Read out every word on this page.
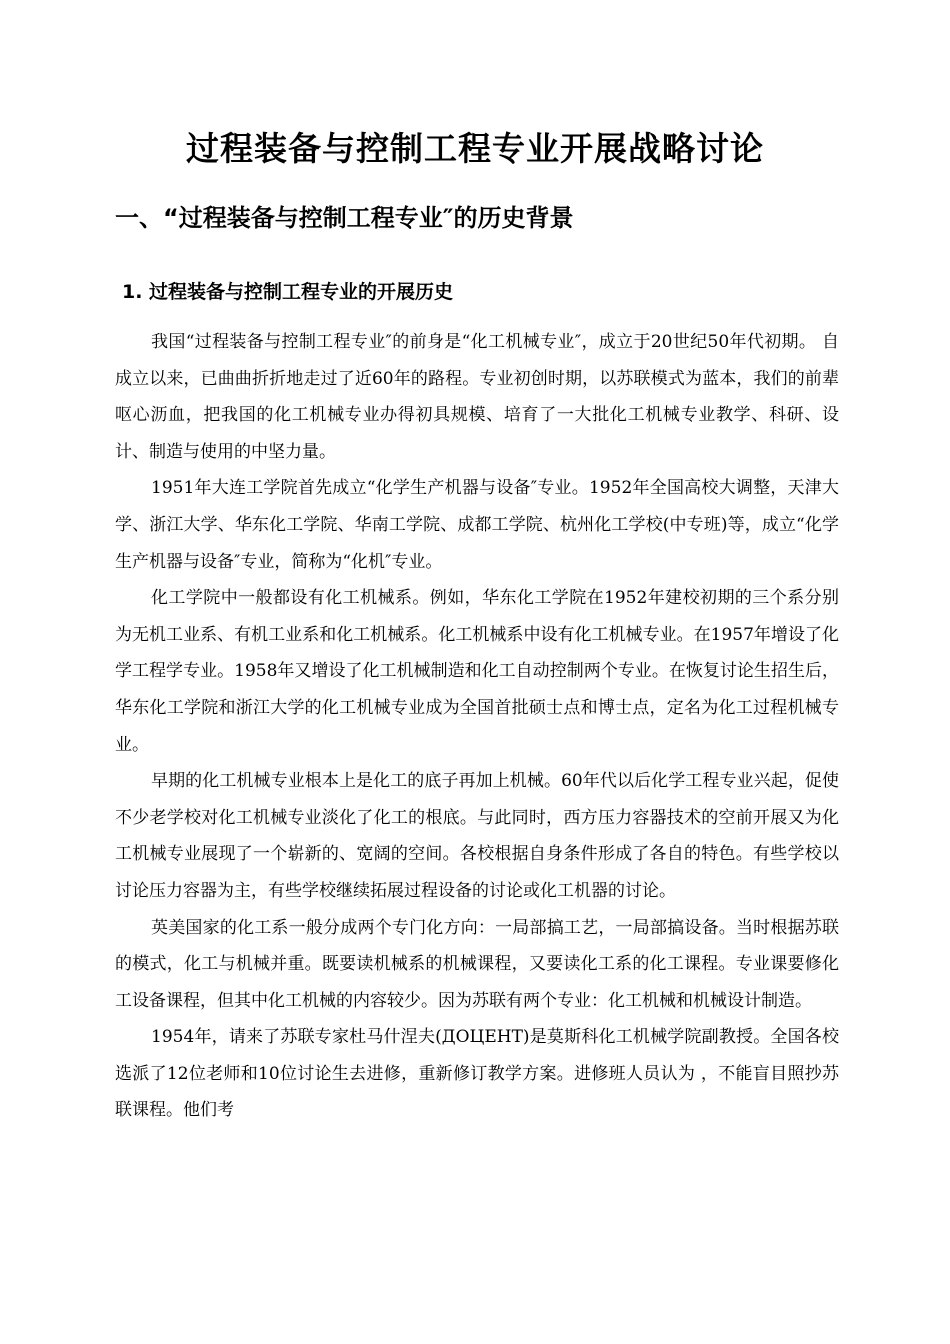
过程装备与控制工程专业开展战略讨论
一、“过程装备与控制工程专业″的历史背景
1. 过程装备与控制工程专业的开展历史

我国“过程装备与控制工程专业″的前身是“化工机械专业″，成立于20世纪50年代初期。 自成立以来，已曲曲折折地走过了近60年的路程。专业初创时期，以苏联模式为蓝本，我们的前辈呕心沥血，把我国的化工机械专业办得初具规模、培育了一大批化工机械专业教学、科研、设计、制造与使用的中坚力量。

1951年大连工学院首先成立“化学生产机器与设备″专业。1952年全国高校大调整，天津大学、浙江大学、华东化工学院、华南工学院、成都工学院、杭州化工学校(中专班)等，成立“化学生产机器与设备″专业，简称为“化机″专业。

化工学院中一般都设有化工机械系。例如，华东化工学院在1952年建校初期的三个系分别为无机工业系、有机工业系和化工机械系。化工机械系中设有化工机械专业。在1957年增设了化学工程学专业。1958年又增设了化工机械制造和化工自动控制两个专业。在恢复讨论生招生后，华东化工学院和浙江大学的化工机械专业成为全国首批硕士点和博士点，定名为化工过程机械专业。

早期的化工机械专业根本上是化工的底子再加上机械。60年代以后化学工程专业兴起，促使不少老学校对化工机械专业淡化了化工的根底。与此同时，西方压力容器技术的空前开展又为化工机械专业展现了一个崭新的、宽阔的空间。各校根据自身条件形成了各自的特色。有些学校以讨论压力容器为主，有些学校继续拓展过程设备的讨论或化工机器的讨论。

英美国家的化工系一般分成两个专门化方向：一局部搞工艺，一局部搞设备。当时根据苏联的模式，化工与机械并重。既要读机械系的机械课程，又要读化工系的化工课程。专业课要修化工设备课程，但其中化工机械的内容较少。因为苏联有两个专业：化工机械和机械设计制造。

1954年，请来了苏联专家杜马什涅夫(ДОЦЕНТ)是莫斯科化工机械学院副教授。全国各校选派了12位老师和10位讨论生去进修，重新修订教学方案。进修班人员认为 ，不能盲目照抄苏联课程。他们考
